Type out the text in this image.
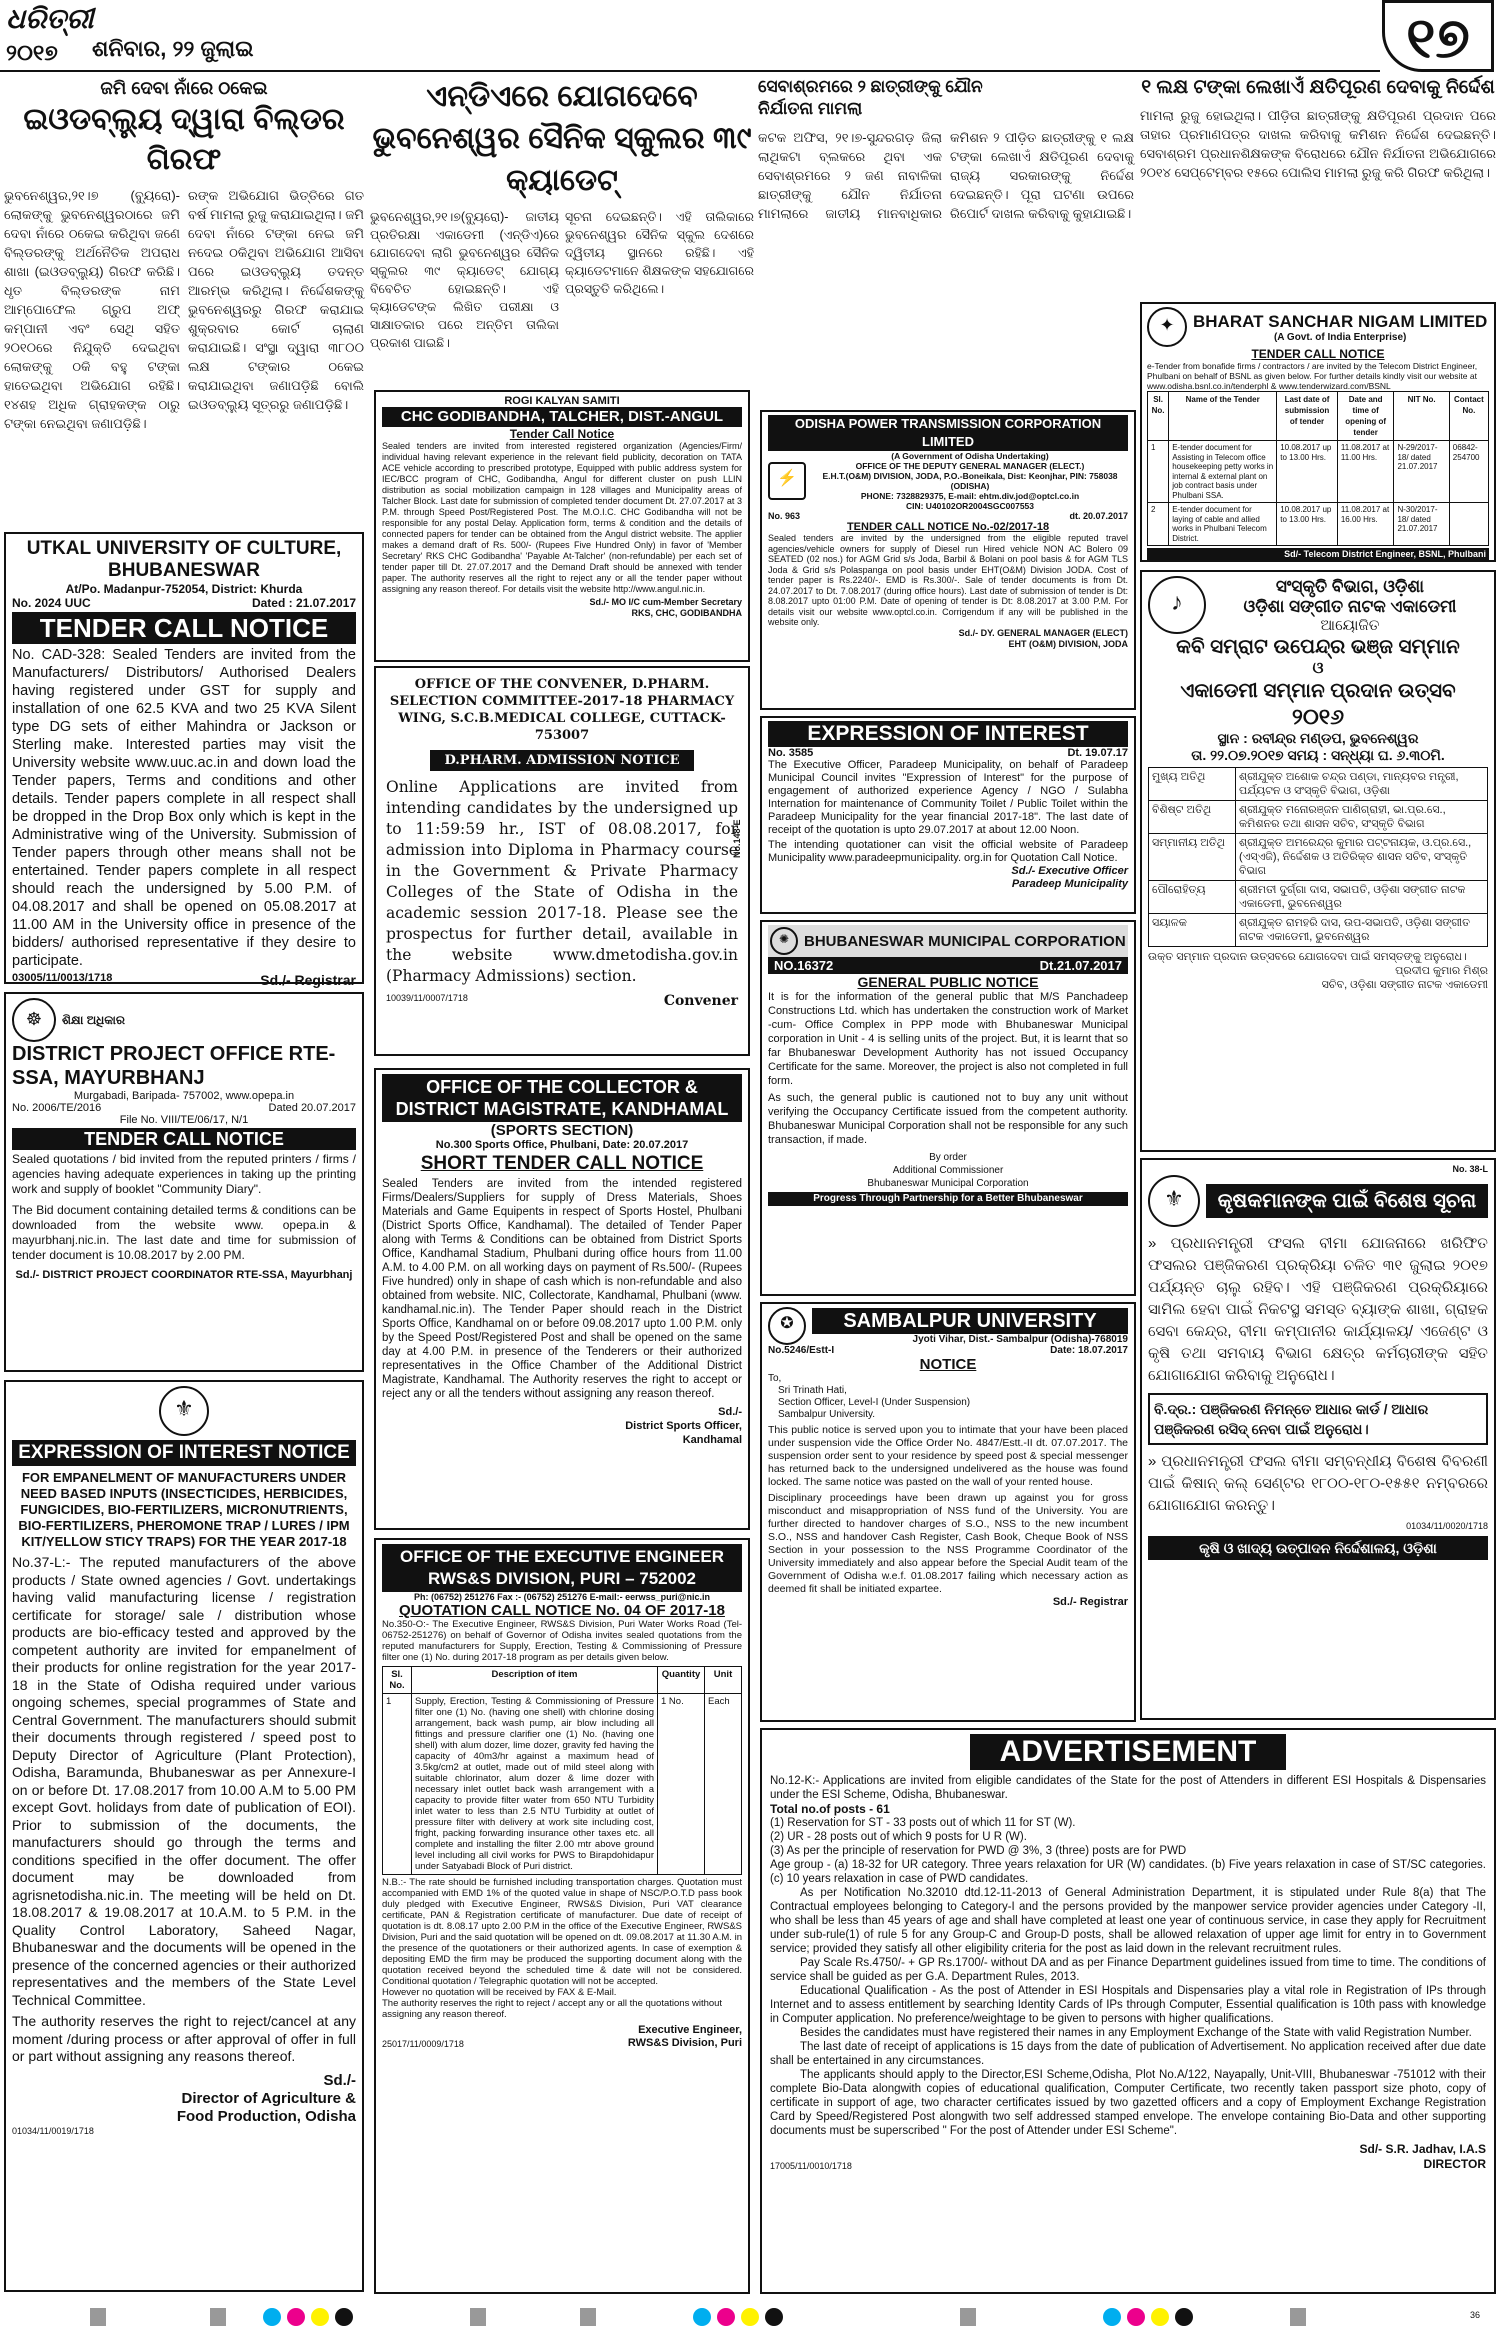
ଧରିତ୍ରୀ
୨୦୧୭	ଶନିବାର, ୨୨ ଜୁଲାଇ	୧୭
ଜମି ଦେବା ନାଁରେ ଠକେଇ
ଇଓଡବ୍ଲ୍ୟୁ ଦ୍ୱାରା ବିଲ୍ଡର ଗିରଫ
ଭୁବନେଶ୍ୱର,୨୧।୭ (ବ୍ୟୁରୋ)- ଲୋକଙ୍କୁ ଭୁବନେଶ୍ୱରଠାରେ ଜମି ଦେବା ନାଁରେ ଠକେଇ କରିଥିବା ଜଣେ ବିଲ୍ଡରଙ୍କୁ ଅର୍ଥନୈତିକ ଅପରାଧ ଶାଖା (ଇଓଡବ୍ଲ୍ୟୁ) ଗିରଫ କରିଛି। ଧୃତ ବିଲ୍ଡରଙ୍କ ନାମ ଆମ୍ପୋଫେଲ ଗ୍ରୁପ ଅଫ୍ କମ୍ପାନୀ ଏବଂ ସେଥି ସହିତ ୨୦୧୦ରେ ନିଯୁକ୍ତି ଦେଇଥିବା ଲୋକଙ୍କୁ ଠକି ବହୁ ଟଙ୍କା ହାତେଇଥିବା ଅଭିଯୋଗ ରହିଛି। ୧୪ଶହ ଅଧିକ ଗ୍ରାହକଙ୍କ ଠାରୁ ଟଙ୍କା ନେଇଥିବା ଜଣାପଡ଼ିଛି।
ରଙ୍କ ଅଭିଯୋଗ ଭିତ୍ତିରେ ଗତ ବର୍ଷ ମାମଲା ରୁଜୁ କରାଯାଇଥିଲା। ଜମି ଦେବା ନାଁରେ ଟଙ୍କା ନେଇ ଜମି ନଦେଇ ଠକିଥିବା ଅଭିଯୋଗ ଆସିବା ପରେ ଇଓଡବ୍ଲ୍ୟୁ ତଦନ୍ତ ଆରମ୍ଭ କରିଥିଲା। ନିର୍ଦ୍ଦେଶକଙ୍କୁ ଭୁବନେଶ୍ୱରରୁ ଗିରଫ କରାଯାଇ ଶୁକ୍ରବାର କୋର୍ଟ ଚାଲାଣ କରାଯାଇଛି। ସଂସ୍ଥା ଦ୍ୱାରା ୩୮୦୦ ଲକ୍ଷ ଟଙ୍କାର ଠକେଇ କରାଯାଇଥିବା ଜଣାପଡ଼ିଛି ବୋଲି ଇଓଡବ୍ଲ୍ୟୁ ସୂତ୍ରରୁ ଜଣାପଡ଼ିଛି।
UTKAL UNIVERSITY OF CULTURE, BHUBANESWAR
At/Po. Madanpur-752054, District: Khurda
No. 2024 UUC	Dated : 21.07.2017
TENDER CALL NOTICE
No. CAD-328: Sealed Tenders are invited from the Manufacturers/ Distributors/ Authorised Dealers having registered under GST for supply and installation of one 62.5 KVA and two 25 KVA Silent type DG sets of either Mahindra or Jackson or Sterling make. Interested parties may visit the University website www.uuc.ac.in and down load the Tender papers, Terms and conditions and other details. Tender papers complete in all respect shall be dropped in the Drop Box only which is kept in the Administrative wing of the University. Submission of Tender papers through other means shall not be entertained. Tender papers complete in all respect should reach the undersigned by 5.00 P.M. of 04.08.2017 and shall be opened on 05.08.2017 at 11.00 AM in the University office in presence of the bidders/ authorised representative if they desire to participate.
03005/11/0013/1718	Sd./- Registrar
☸	ଶିକ୍ଷା ଅଧିକାର
DISTRICT PROJECT OFFICE RTE-SSA, MAYURBHANJ
Murgabadi, Baripada- 757002, www.opepa.in
No. 2006/TE/2016	Dated 20.07.2017
File No. VIII/TE/06/17, N/1
TENDER CALL NOTICE
Sealed quotations / bid invited from the reputed printers / firms / agencies having adequate experiences in taking up the printing work and supply of booklet "Community Diary".
The Bid document containing detailed terms & conditions can be downloaded from the website www. opepa.in & mayurbhanj.nic.in. The last date and time for submission of tender document is 10.08.2017 by 2.00 PM.
Sd./- DISTRICT PROJECT COORDINATOR RTE-SSA, Mayurbhanj
⚜
EXPRESSION OF INTEREST NOTICE
FOR EMPANELMENT OF MANUFACTURERS UNDER NEED BASED INPUTS (INSECTICIDES, HERBICIDES, FUNGICIDES, BIO-FERTILIZERS, MICRONUTRIENTS, BIO-FERTILIZERS, PHEROMONE TRAP / LURES / IPM KIT/YELLOW STICY TRAPS) FOR THE YEAR 2017-18
No.37-L:- The reputed manufacturers of the above products / State owned agencies / Govt. undertakings having valid manufacturing license / registration certificate for storage/ sale / distribution whose products are bio-efficacy tested and approved by the competent authority are invited for empanelment of their products for online registration for the year 2017-18 in the State of Odisha required under various ongoing schemes, special programmes of State and Central Government. The manufacturers should submit their documents through registered / speed post to Deputy Director of Agriculture (Plant Protection), Odisha, Baramunda, Bhubaneswar as per Annexure-I on or before Dt. 17.08.2017 from 10.00 A.M to 5.00 PM except Govt. holidays from date of publication of EOI). Prior to submission of the documents, the manufacturers should go through the terms and conditions specified in the offer document. The offer document may be downloaded from agrisnetodisha.nic.in. The meeting will be held on Dt. 18.08.2017 & 19.08.2017 at 10.A.M. to 5 P.M. in the Quality Control Laboratory, Saheed Nagar, Bhubaneswar and the documents will be opened in the presence of the concerned agencies or their authorized representatives and the members of the State Level Technical Committee.
The authority reserves the right to reject/cancel at any moment /during process or after approval of offer in full or part without assigning any reasons thereof.
Sd./-
Director of Agriculture &
Food Production, Odisha
01034/11/0019/1718
ଏନ୍‌ଡିଏରେ ଯୋଗଦେବେ ଭୁବନେଶ୍ୱର ସୈନିକ ସ୍କୁଲର ୩୯ କ୍ୟାଡେଟ୍
ଭୁବନେଶ୍ୱର,୨୧।୭(ବ୍ୟୁରୋ)- ଜାତୀୟ ପ୍ରତିରକ୍ଷା ଏକାଡେମୀ (ଏନ୍‌ଡିଏ)ରେ ଯୋଗଦେବା ଲାଗି ଭୁବନେଶ୍ୱର ସୈନିକ ସ୍କୁଲର ୩୯ କ୍ୟାଡେଟ୍ ଯୋଗ୍ୟ ବିବେଚିତ ହୋଇଛନ୍ତି। ଏହି କ୍ୟାଡେଟଙ୍କ ଲିଖିତ ପରୀକ୍ଷା ଓ ସାକ୍ଷାତକାର ପରେ ଅନ୍ତିମ ତାଲିକା ପ୍ରକାଶ ପାଇଛି।
ସୂଚନା ଦେଇଛନ୍ତି। ଏହି ତାଲିକାରେ ଭୁବନେଶ୍ୱର ସୈନିକ ସ୍କୁଲ ଦେଶରେ ଦ୍ୱିତୀୟ ସ୍ଥାନରେ ରହିଛି। ଏହି କ୍ୟାଡେଟମାନେ ଶିକ୍ଷକଙ୍କ ସହଯୋଗରେ ପ୍ରସ୍ତୁତି କରିଥିଲେ।
ROGI KALYAN SAMITI
CHC GODIBANDHA, TALCHER, DIST.-ANGUL
Tender Call Notice
Sealed tenders are invited from interested registered organization (Agencies/Firm/ individual having relevant experience in the relevant field publicity, decoration on TATA ACE vehicle according to prescribed prototype, Equipped with public address system for IEC/BCC program of CHC, Godibandha, Angul for different cluster on push LLIN distribution as social mobilization campaign in 128 villages and Municipality areas of Talcher Block. Last date for submission of completed tender document Dt. 27.07.2017 at 3 P.M. through Speed Post/Registered Post. The M.O.I.C. CHC Godibandha will not be responsible for any postal Delay. Application form, terms & condition and the details of connected papers for tender can be obtained from the Angul district website. The applier makes a demand draft of Rs. 500/- (Rupees Five Hundred Only) in favor of 'Member Secretary' RKS CHC Godibandha' 'Payable At-Talcher' (non-refundable) per each set of tender paper till Dt. 27.07.2017 and the Demand Draft should be annexed with tender paper. The authority reserves all the right to reject any or all the tender paper without assigning any reason thereof. For details visit the website http://www.angul.nic.in.
Sd./- MO I/C cum-Member Secretary
RKS, CHC, GODIBANDHA
OFFICE OF THE CONVENER, D.PHARM. SELECTION COMMITTEE-2017-18 PHARMACY WING, S.C.B.MEDICAL COLLEGE, CUTTACK-753007
D.PHARM. ADMISSION NOTICE
Online Applications are invited from intending candidates by the undersigned up to 11:59:59 hr., IST of 08.08.2017, for admission into Diploma in Pharmacy course in the Government & Private Pharmacy Colleges of the State of Odisha in the academic session 2017-18. Please see the prospectus for further detail, available in the website www.dmetodisha.gov.in (Pharmacy Admissions) section.
10039/11/0007/1718	Convener
No.148-E
OFFICE OF THE COLLECTOR & DISTRICT MAGISTRATE, KANDHAMAL
(SPORTS SECTION)
No.300 Sports Office, Phulbani, Date: 20.07.2017
SHORT TENDER CALL NOTICE
Sealed Tenders are invited from the intended registered Firms/Dealers/Suppliers for supply of Dress Materials, Shoes Materials and Game Equipents in respect of Sports Hostel, Phulbani (District Sports Office, Kandhamal). The detailed of Tender Paper along with Terms & Conditions can be obtained from District Sports Office, Kandhamal Stadium, Phulbani during office hours from 11.00 A.M. to 4.00 P.M. on all working days on payment of Rs.500/- (Rupees Five hundred) only in shape of cash which is non-refundable and also obtained from website. NIC, Collectorate, Kandhamal, Phulbani (www. kandhamal.nic.in). The Tender Paper should reach in the District Sports Office, Kandhamal on or before 09.08.2017 upto 1.00 P.M. only by the Speed Post/Registered Post and shall be opened on the same day at 4.00 P.M. in presence of the Tenderers or their authorized representatives in the Office Chamber of the Additional District Magistrate, Kandhamal. The Authority reserves the right to accept or reject any or all the tenders without assigning any reason thereof.
Sd./-
District Sports Officer,
Kandhamal
OFFICE OF THE EXECUTIVE ENGINEER RWS&S DIVISION, PURI – 752002
Ph: (06752) 251276 Fax :- (06752) 251276 E-mail:- eerwss_puri@nic.in
QUOTATION CALL NOTICE No. 04 OF 2017-18
No.350-O:- The Executive Engineer, RWS&S Division, Puri Water Works Road (Tel- 06752-251276) on behalf of Governor of Odisha invites sealed quotations from the reputed manufacturers for Supply, Erection, Testing & Commissioning of Pressure filter one (1) No. during 2017-18 program as per details given below.
Sl. No.	Description of item	Quantity	Unit
1	Supply, Erection, Testing & Commissioning of Pressure filter one (1) No. (having one shell) with chlorine dosing arrangement, back wash pump, air blow including all fittings and pressure clarifier one (1) No. (having one shell) with alum dozer, lime dozer, gravity fed having the capacity of 40m3/hr against a maximum head of 3.5kg/cm2 at outlet, made out of mild steel along with suitable chlorinator, alum dozer & lime dozer with necessary inlet outlet back wash arrangement with a capacity to provide filter water from 650 NTU Turbidity inlet water to less than 2.5 NTU Turbidity at outlet of pressure filter with delivery at work site including cost, fright, packing forwarding insurance other taxes etc. all complete and installing the filter 2.00 mtr above ground level including all civil works for PWS to Birapdohidapur under Satyabadi Block of Puri district.	1 No.	Each
N.B.:- The rate should be furnished including transportation charges. Quotation must accompanied with EMD 1% of the quoted value in shape of NSC/P.O.T.D pass book duly pledged with Executive Engineer, RWS&S Division, Puri VAT clearance certificate, PAN & Registration certificate of manufacturer. Due date of receipt of quotation is dt. 8.08.17 upto 2.00 P.M in the office of the Executive Engineer, RWS&S Division, Puri and the said quotation will be opened on dt. 09.08.2017 at 11.30 A.M. in the presence of the quotationers or their authorized agents. In case of exemption & depositing EMD the firm may be produced the supporting document along with the quotation received beyond the scheduled time & date will not be considered. Conditional quotation / Telegraphic quotation will not be accepted.
However no quotation will be received by FAX & E-Mail.
The authority reserves the right to reject / accept any or all the quotations without assigning any reason thereof.
25017/11/0009/1718
Executive Engineer,
RWS&S Division, Puri
ସେବାଶ୍ରମରେ ୨ ଛାତ୍ରୀଙ୍କୁ ଯୌନ ନିର୍ଯାତନା ମାମଲା
କଟକ ଅଫିସ, ୨୧।୭-ସୁନ୍ଦରଗଡ଼ ଜିଲା ଲାଥିକଟା ବ୍ଲକରେ ଥିବା ଏକ ସେବାଶ୍ରମରେ ୨ ଜଣ ନାବାଳିକା ଛାତ୍ରୀଙ୍କୁ ଯୌନ ନିର୍ଯାତନା ମାମଲାରେ ଜାତୀୟ ମାନବାଧିକାର କମିଶନ ୨ ପୀଡ଼ିତ ଛାତ୍ରୀଙ୍କୁ ୧ ଲକ୍ଷ ଟଙ୍କା ଲେଖାଏଁ କ୍ଷତିପୂରଣ ଦେବାକୁ ରାଜ୍ୟ ସରକାରଙ୍କୁ ନିର୍ଦ୍ଦେଶ ଦେଇଛନ୍ତି। ପୂରା ଘଟଣା ଉପରେ ରିପୋର୍ଟ ଦାଖଲ କରିବାକୁ କୁହାଯାଇଛି।
ODISHA POWER TRANSMISSION CORPORATION LIMITED
⚡
(A Government of Odisha Undertaking)
OFFICE OF THE DEPUTY GENERAL MANAGER (ELECT.)
E.H.T.(O&M) DIVISION, JODA, P.O.-Boneikala, Dist: Keonjhar, PIN: 758038 (ODISHA)
PHONE: 7328829375, E-mail: ehtm.div.jod@optcl.co.in
CIN: U40102OR2004SGC007553
No. 963	dt. 20.07.2017
TENDER CALL NOTICE No.-02/2017-18
Sealed tenders are invited by the undersigned from the eligible reputed travel agencies/vehicle owners for supply of Diesel run Hired vehicle NON AC Bolero 09 SEATED (02 nos.) for AGM Grid s/s Joda, Barbil & Bolani on pool basis & for AGM TLS Joda & Grid s/s Polaspanga on pool basis under EHT(O&M) Division JODA. Cost of tender paper is Rs.2240/-. EMD is Rs.300/-. Sale of tender documents is from Dt. 24.07.2017 to Dt. 7.08.2017 (during office hours). Last date of submission of tender is Dt: 8.08.2017 upto 01:00 P.M. Date of opening of tender is Dt: 8.08.2017 at 3.00 P.M. For details visit our website www.optcl.co.in. Corrigendum if any will be published in the website only.
Sd./- DY. GENERAL MANAGER (ELECT)
EHT (O&M) DIVISION, JODA
EXPRESSION OF INTEREST
No. 3585	Dt. 19.07.17
The Executive Officer, Paradeep Municipality, on behalf of Paradeep Municipal Council invites "Expression of Interest" for the purpose of engagement of authorized experience Agency / NGO / Sulabha Internation for maintenance of Community Toilet / Public Toilet within the Paradeep Municipality for the year financial 2017-18". The last date of receipt of the quotation is upto 29.07.2017 at about 12.00 Noon.
The intending quotationer can visit the official website of Paradeep Municipality www.paradeepmunicipality. org.in for Quotation Call Notice.
Sd./- Executive Officer
Paradeep Municipality
✺ BHUBANESWAR MUNICIPAL CORPORATION
NO.16372	Dt.21.07.2017
GENERAL PUBLIC NOTICE
It is for the information of the general public that M/S Panchadeep Constructions Ltd. which has undertaken the construction work of Market -cum- Office Complex in PPP mode with Bhubaneswar Municipal corporation in Unit - 4 is selling units of the project. But, it is learnt that so far Bhubaneswar Development Authority has not issued Occupancy Certificate for the same. Moreover, the project is also not completed in full form.
As such, the general public is cautioned not to buy any unit without verifying the Occupancy Certificate issued from the competent authority. Bhubaneswar Municipal Corporation shall not be responsible for any such transaction, if made.
By order
Additional Commissioner
Bhubaneswar Municipal Corporation
Progress Through Partnership for a Better Bhubaneswar
✪	SAMBALPUR UNIVERSITY
Jyoti Vihar, Dist.- Sambalpur (Odisha)-768019
No.5246/Estt-I	Date: 18.07.2017
NOTICE
To,
Sri Trinath Hati,
Section Officer, Level-I (Under Suspension)
Sambalpur University.
This public notice is served upon you to intimate that your have been placed under suspension vide the Office Order No. 4847/Estt.-II dt. 07.07.2017. The suspension order sent to your residence by speed post & special messenger has returned back to the undersigned undelivered as the house was found locked. The same notice was pasted on the wall of your rented house.
Disciplinary proceedings have been drawn up against you for gross misconduct and misappropriation of NSS fund of the University. You are further directed to handover charges of S.O., NSS to the new incumbent S.O., NSS and handover Cash Register, Cash Book, Cheque Book of NSS Section in your possession to the NSS Programme Coordinator of the University immediately and also appear before the Special Audit team of the Government of Odisha w.e.f. 01.08.2017 failing which necessary action as deemed fit shall be initiated expartee.
Sd./- Registrar
୧ ଲକ୍ଷ ଟଙ୍କା ଲେଖାଏଁ କ୍ଷତିପୂରଣ ଦେବାକୁ ନିର୍ଦ୍ଦେଶ
ମାମଲା ରୁଜୁ ହୋଇଥିଲା। ପୀଡ଼ିତା ଛାତ୍ରୀଙ୍କୁ କ୍ଷତିପୂରଣ ପ୍ରଦାନ ପରେ ତାହାର ପ୍ରମାଣପତ୍ର ଦାଖଲ କରିବାକୁ କମିଶନ ନିର୍ଦ୍ଦେଶ ଦେଇଛନ୍ତି। ସେବାଶ୍ରମ ପ୍ରଧାନଶିକ୍ଷକଙ୍କ ବିରୋଧରେ ଯୌନ ନିର୍ଯାତନା ଅଭିଯୋଗରେ ୨୦୧୪ ସେପ୍ଟେମ୍ବର ୧୫ରେ ପୋଲିସ ମାମଲା ରୁଜୁ କରି ଗିରଫ କରିଥିଲା।
✦	BHARAT SANCHAR NIGAM LIMITED
(A Govt. of India Enterprise)
TENDER CALL NOTICE
e-Tender from bonafide firms / contractors / are invited by the Telecom District Engineer, Phulbani on behalf of BSNL as given below. For further details kindly visit our website at www.odisha.bsnl.co.in/tenderphl & www.tenderwizard.com/BSNL
Sl. No.	Name of the Tender	Last date of submission of tender	Date and time of opening of tender	NIT No.	Contact No.
1	E-tender document for Assisting in Telecom office housekeeping petty works in internal & external plant on job contract basis under Phulbani SSA.	10.08.2017 up to 13.00 Hrs.	11.08.2017 at 11.00 Hrs.	N-29/2017-18/ dated 21.07.2017	06842-254700
2	E-tender document for laying of cable and allied works in Phulbani Telecom District.	10.08.2017 up to 13.00 Hrs.	11.08.2017 at 16.00 Hrs.	N-30/2017-18/ dated 21.07.2017	
Sd/- Telecom District Engineer, BSNL, Phulbani
♪
ସଂସ୍କୃତି ବିଭାଗ, ଓଡ଼ିଶା
ଓଡ଼ିଶା ସଙ୍ଗୀତ ନାଟକ ଏକାଡେମୀ
ଆୟୋଜିତ
କବି ସମ୍ରାଟ ଉପେନ୍ଦ୍ର ଭଞ୍ଜ ସମ୍ମାନ
ଓ
ଏକାଡେମୀ ସମ୍ମାନ ପ୍ରଦାନ ଉତ୍ସବ
୨୦୧୬
ସ୍ଥାନ : ରବୀନ୍ଦ୍ର ମଣ୍ଡପ, ଭୁବନେଶ୍ୱର
ତା. ୨୨.୦୭.୨୦୧୭ ସମୟ : ସନ୍ଧ୍ୟା ଘ. ୬.୩୦ମି.
ମୁଖ୍ୟ ଅତିଥି	ଶ୍ରୀଯୁକ୍ତ ଅଶୋକ ଚନ୍ଦ୍ର ପଣ୍ଡା, ମାନ୍ୟବର ମନ୍ତ୍ରୀ, ପର୍ଯ୍ୟଟନ ଓ ସଂସ୍କୃତି ବିଭାଗ, ଓଡ଼ିଶା
ବିଶିଷ୍ଟ ଅତିଥି	ଶ୍ରୀଯୁକ୍ତ ମନୋରଞ୍ଜନ ପାଣିଗ୍ରାହୀ, ଭା.ପ୍ର.ସେ., କମିଶନର ତଥା ଶାସନ ସଚିବ, ସଂସ୍କୃତି ବିଭାଗ
ସମ୍ମାନୀୟ ଅତିଥି	ଶ୍ରୀଯୁକ୍ତ ଅମରେନ୍ଦ୍ର କୁମାର ପଟ୍ଟନାୟକ, ଓ.ପ୍ର.ସେ., (ଏସ୍‌ଏଜି), ନିର୍ଦ୍ଦେଶକ ଓ ଅତିରିକ୍ତ ଶାସନ ସଚିବ, ସଂସ୍କୃତି ବିଭାଗ
ପୌରୋହିତ୍ୟ	ଶ୍ରୀମତୀ ଦୁର୍ଗ୍ଗା ଦାସ, ସଭାପତି, ଓଡ଼ିଶା ସଙ୍ଗୀତ ନାଟକ ଏକାଡେମୀ, ଭୁବନେଶ୍ୱର
ସୟାଳକ	ଶ୍ରୀଯୁକ୍ତ ରାମହରି ଦାସ, ଉପ-ସଭାପତି, ଓଡ଼ିଶା ସଙ୍ଗୀତ ନାଟକ ଏକାଡେମୀ, ଭୁବନେଶ୍ୱର
ଉକ୍ତ ସମ୍ମାନ ପ୍ରଦାନ ଉତ୍ସବରେ ଯୋଗଦେବା ପାଇଁ ସମସ୍ତଙ୍କୁ ଅନୁରୋଧ।
ପ୍ରଦୀପ କୁମାର ମିଶ୍ର
ସଚିବ, ଓଡ଼ିଶା ସଙ୍ଗୀତ ନାଟକ ଏକାଡେମୀ
No. 38-L
⚜	କୃଷକମାନଙ୍କ ପାଇଁ ବିଶେଷ ସୂଚନା
» ପ୍ରଧାନମନ୍ତ୍ରୀ ଫସଲ ବୀମା ଯୋଜନାରେ ଖରିଫିତ ଫସଲର ପଞ୍ଜିକରଣ ପ୍ରକ୍ରିୟା ଚଳିତ ୩୧ ଜୁଲାଇ ୨୦୧୭ ପର୍ଯ୍ୟନ୍ତ ଚାଲୁ ରହିବ। ଏହି ପଞ୍ଜିକରଣ ପ୍ରକ୍ରିୟାରେ ସାମିଲ ହେବା ପାଇଁ ନିକଟସ୍ଥ ସମସ୍ତ ବ୍ୟାଙ୍କ ଶାଖା, ଗ୍ରାହକ ସେବା କେନ୍ଦ୍ର, ବୀମା କମ୍ପାନୀର କାର୍ଯ୍ୟାଳୟ/ ଏଜେଣ୍ଟ ଓ କୃଷି ତଥା ସମବାୟ ବିଭାଗ କ୍ଷେତ୍ର କର୍ମଚାରୀଙ୍କ ସହିତ ଯୋଗାଯୋଗ କରିବାକୁ ଅନୁରୋଧ।
ବି.ଦ୍ର.: ପଞ୍ଜିକରଣ ନିମନ୍ତେ ଆଧାର କାର୍ଡ / ଆଧାର ପଞ୍ଜିକରଣ ରସିଦ୍ ନେବା ପାଇଁ ଅନୁରୋଧ।
» ପ୍ରଧାନମନ୍ତ୍ରୀ ଫସଲ ବୀମା ସମ୍ବନ୍ଧୀୟ ବିଶେଷ ବିବରଣୀ ପାଇଁ କିଷାନ୍ କଲ୍ ସେଣ୍ଟର ୧୮୦୦-୧୮୦-୧୫୫୧ ନମ୍ବରରେ ଯୋଗାଯୋଗ କରନ୍ତୁ।
01034/11/0020/1718
କୃଷି ଓ ଖାଦ୍ୟ ଉତ୍ପାଦନ ନିର୍ଦ୍ଦେଶାଳୟ, ଓଡ଼ିଶା
ADVERTISEMENT
No.12-K:- Applications are invited from eligible candidates of the State for the post of Attenders in different ESI Hospitals & Dispensaries under the ESI Scheme, Odisha, Bhubaneswar.
Total no.of posts - 61
(1) Reservation for ST - 33 posts out of which 11 for ST (W).
(2) UR - 28 posts out of which 9 posts for U R (W).
(3) As per the principle of reservation for PWD @ 3%, 3 (three) posts are for PWD
Age group - (a) 18-32 for UR category. Three years relaxation for UR (W) candidates. (b) Five years relaxation in case of ST/SC categories. (c) 10 years relaxation in case of PWD candidates.
As per Notification No.32010 dtd.12-11-2013 of General Administration Department, it is stipulated under Rule 8(a) that The Contractual employees belonging to Category-I and the persons provided by the manpower service provider agencies under Category -II, who shall be less than 45 years of age and shall have completed at least one year of continuous service, in case they apply for Recruitment under sub-rule(1) of rule 5 for any Group-C and Group-D posts, shall be allowed relaxation of upper age limit for entry in to Government service; provided they satisfy all other eligibility criteria for the post as laid down in the relevant recruitment rules.
Pay Scale Rs.4750/- + GP Rs.1700/- without DA and as per Finance Department guidelines issued from time to time. The conditions of service shall be guided as per G.A. Department Rules, 2013.
Educational Qualification - As the post of Attender in ESI Hospitals and Dispensaries play a vital role in Registration of IPs through Internet and to assess entitlement by searching Identity Cards of IPs through Computer, Essential qualification is 10th pass with knowledge in Computer application. No preference/weightage to be given to persons with higher qualifications.
Besides the candidates must have registered their names in any Employment Exchange of the State with valid Registration Number.
The last date of receipt of applications is 15 days from the date of publication of Advertisement. No application received after due date shall be entertained in any circumstances.
The applicants should apply to the Director,ESI Scheme,Odisha, Plot No.A/122, Nayapally, Unit-VIII, Bhubaneswar -751012 with their complete Bio-Data alongwith copies of educational qualification, Computer Certificate, two recently taken passport size photo, copy of certificate in support of age, two character certificates issued by two gazetted officers and a copy of Employment Exchange Registration Card by Speed/Registered Post alongwith two self addressed stamped envelope. The envelope containing Bio-Data and other supporting documents must be superscribed " For the post of Attender under ESI Scheme".
17005/11/0010/1718
Sd/- S.R. Jadhav, I.A.S
DIRECTOR
36
